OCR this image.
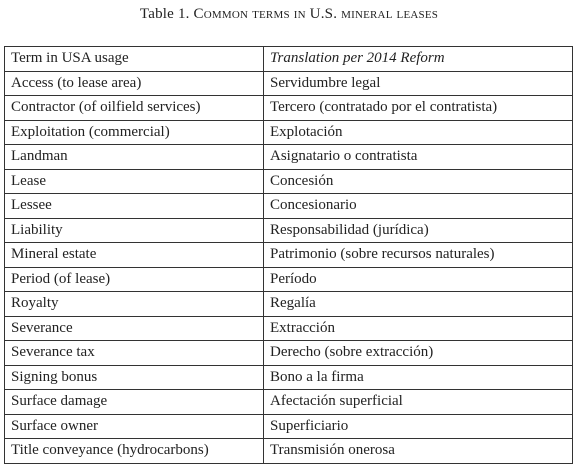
Table 1. Common terms in U.S. mineral leases
Term in USA usage	Translation per 2014 Reform
Access (to lease area)	Servidumbre legal
Contractor (of oilfield services)	Tercero (contratado por el contratista)
Exploitation (commercial)	Explotación
Landman	Asignatario o contratista
Lease	Concesión
Lessee	Concesionario
Liability	Responsabilidad (jurídica)
Mineral estate	Patrimonio (sobre recursos naturales)
Period (of lease)	Período
Royalty	Regalía
Severance	Extracción
Severance tax	Derecho (sobre extracción)
Signing bonus	Bono a la firma
Surface damage	Afectación superficial
Surface owner	Superficiario
Title conveyance (hydrocarbons)	Transmisión onerosa
